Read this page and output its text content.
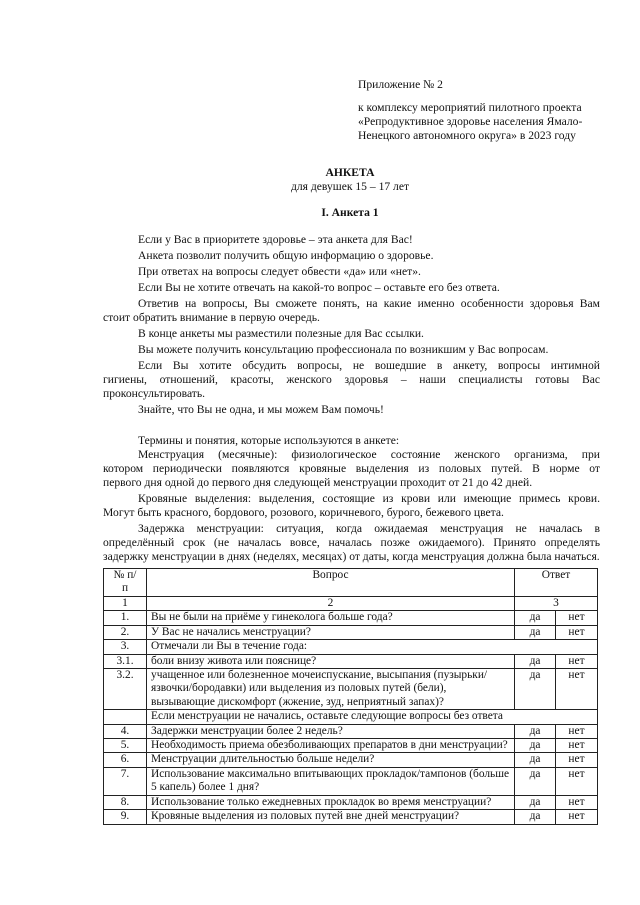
Приложение № 2
к комплексу мероприятий пилотного проекта
«Репродуктивное здоровье населения Ямало-
Ненецкого автономного округа» в 2023 году
АНКЕТА
для девушек 15 – 17 лет
I. Анкета 1
Если у Вас в приоритете здоровье – эта анкета для Вас!
Анкета позволит получить общую информацию о здоровье.
При ответах на вопросы следует обвести «да» или «нет».
Если Вы не хотите отвечать на какой-то вопрос – оставьте его без ответа.
Ответив на вопросы, Вы сможете понять, на какие именно особенности здоровья Вам
стоит обратить внимание в первую очередь.
В конце анкеты мы разместили полезные для Вас ссылки.
Вы можете получить консультацию профессионала по возникшим у Вас вопросам.
Если Вы хотите обсудить вопросы, не вошедшие в анкету, вопросы интимной
гигиены, отношений, красоты, женского здоровья – наши специалисты готовы Вас
проконсультировать.
Знайте, что Вы не одна, и мы можем Вам помочь!
Термины и понятия, которые используются в анкете:
Менструация (месячные): физиологическое состояние женского организма, при
котором периодически появляются кровяные выделения из половых путей. В норме от
первого дня одной до первого дня следующей менструации проходит от 21 до 42 дней.
Кровяные выделения: выделения, состоящие из крови или имеющие примесь крови.
Могут быть красного, бордового, розового, коричневого, бурого, бежевого цвета.
Задержка менструации: ситуация, когда ожидаемая менструация не началась в
определённый срок (не началась вовсе, началась позже ожидаемого). Принято определять
№ п/п	Вопрос	Ответ	
1	2	3	
1.	Вы не были на приёме у гинеколога больше года?	да	нет
2.	У Вас не начались менструации?	да	нет
3.	Отмечали ли Вы в течение года:		
3.1.	боли внизу живота или пояснице?	да	нет
3.2.	учащенное или болезненное мочеиспускание, высыпания (пузырьки/язвочки/бородавки) или выделения из половых путей (бели), вызывающие дискомфорт (жжение, зуд, неприятный запах)?	да	нет
	Если менструации не начались, оставьте следующие вопросы без ответа		
4.	Задержки менструации более 2 недель?	да	нет
5.	Необходимость приема обезболивающих препаратов в дни менструации?	да	нет
6.	Менструации длительностью больше недели?	да	нет
7.	Использование максимально впитывающих прокладок/тампонов (больше 5 капель) более 1 дня?	да	нет
8.	Использование только ежедневных прокладок во время менструации?	да	нет
9.	Кровяные выделения из половых путей вне дней менструации?	да	нет
задержку менструации в днях (неделях, месяцах) от даты, когда менструация должна была начаться.
